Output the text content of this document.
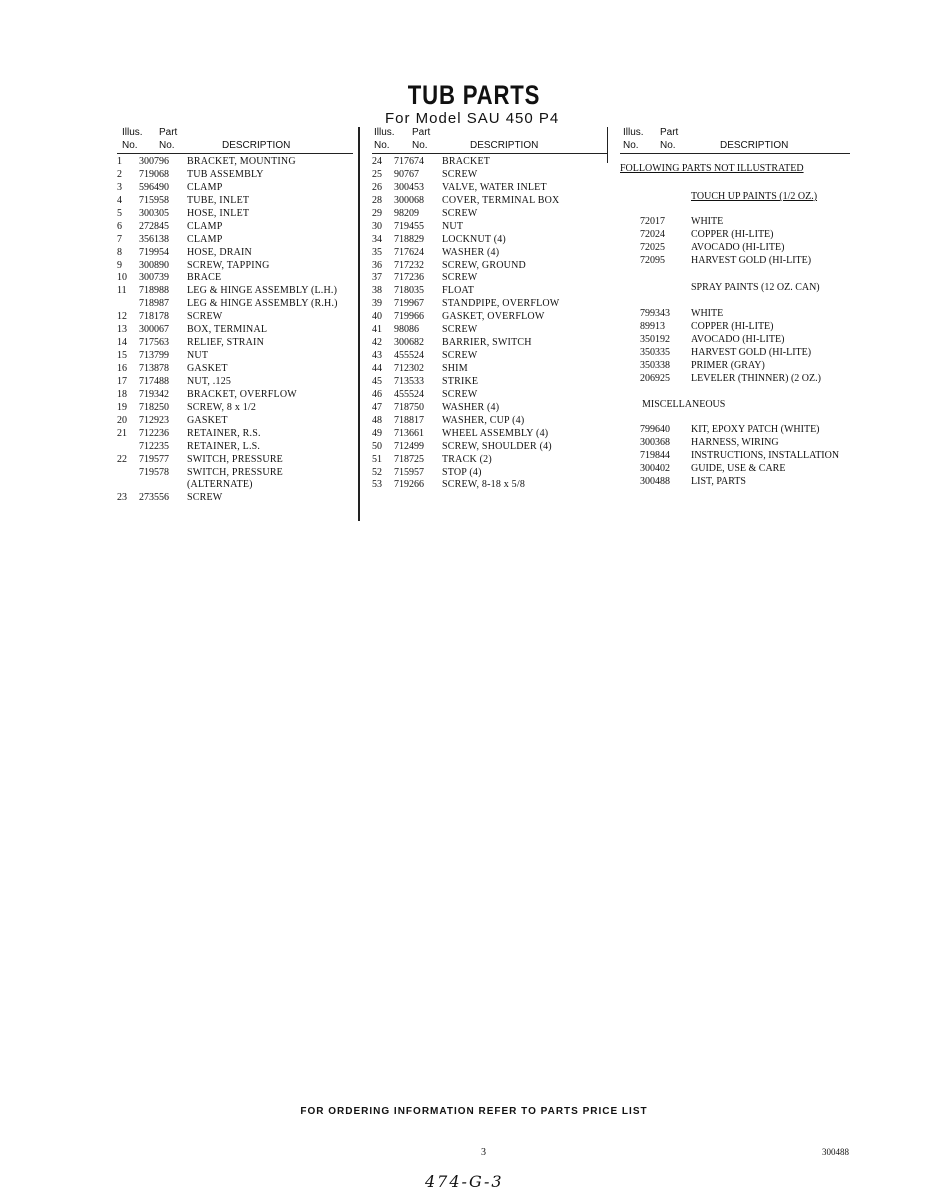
TUB PARTS
For Model SAU 450 P4
Illus. Part
No. No.	DESCRIPTION
1 300796 BRACKET, MOUNTING
2 719068 TUB ASSEMBLY
3 596490 CLAMP
4 715958 TUBE, INLET
5 300305 HOSE, INLET
6 272845 CLAMP
7 356138 CLAMP
8 719954 HOSE, DRAIN
9 300890 SCREW, TAPPING
10 300739 BRACE
11 718988 LEG & HINGE ASSEMBLY (L.H.)
718987 LEG & HINGE ASSEMBLY (R.H.)
12 718178 SCREW
13 300067 BOX, TERMINAL
14 717563 RELIEF, STRAIN
15 713799 NUT
16 713878 GASKET
17 717488 NUT, .125
18 719342 BRACKET, OVERFLOW
19 718250 SCREW, 8 x 1/2
20 712923 GASKET
21 712236 RETAINER, R.S.
712235 RETAINER, L.S.
22 719577 SWITCH, PRESSURE
719578 SWITCH, PRESSURE
(ALTERNATE)
23 273556 SCREW
Illus. Part
No. No.	DESCRIPTION
24 717674 BRACKET
25 90767 SCREW
26 300453 VALVE, WATER INLET
28 300068 COVER, TERMINAL BOX
29 98209 SCREW
30 719455 NUT
34 718829 LOCKNUT (4)
35 717624 WASHER (4)
36 717232 SCREW, GROUND
37 717236 SCREW
38 718035 FLOAT
39 719967 STANDPIPE, OVERFLOW
40 719966 GASKET, OVERFLOW
41 98086 SCREW
42 300682 BARRIER, SWITCH
43 455524 SCREW
44 712302 SHIM
45 713533 STRIKE
46 455524 SCREW
47 718750 WASHER (4)
48 718817 WASHER, CUP (4)
49 713661 WHEEL ASSEMBLY (4)
50 712499 SCREW, SHOULDER (4)
51 718725 TRACK (2)
52 715957 STOP (4)
53 719266 SCREW, 8-18 x 5/8
Illus. Part
No. No.	DESCRIPTION
FOLLOWING PARTS NOT ILLUSTRATED
TOUCH UP PAINTS (1/2 OZ.)
72017	WHITE
72024	COPPER (HI-LITE)
72025	AVOCADO (HI-LITE)
72095	HARVEST GOLD (HI-LITE)
SPRAY PAINTS (12 OZ. CAN)
799343 WHITE
89913	COPPER (HI-LITE)
350192 AVOCADO (HI-LITE)
350335 HARVEST GOLD (HI-LITE)
350338 PRIMER (GRAY)
206925 LEVELER (THINNER) (2 OZ.)
MISCELLANEOUS
799640 KIT, EPOXY PATCH (WHITE)
300368 HARNESS, WIRING
719844 INSTRUCTIONS, INSTALLATION
300402 GUIDE, USE & CARE
300488 LIST, PARTS
FOR ORDERING INFORMATION REFER TO PARTS PRICE LIST
3	300488
474-G-3
